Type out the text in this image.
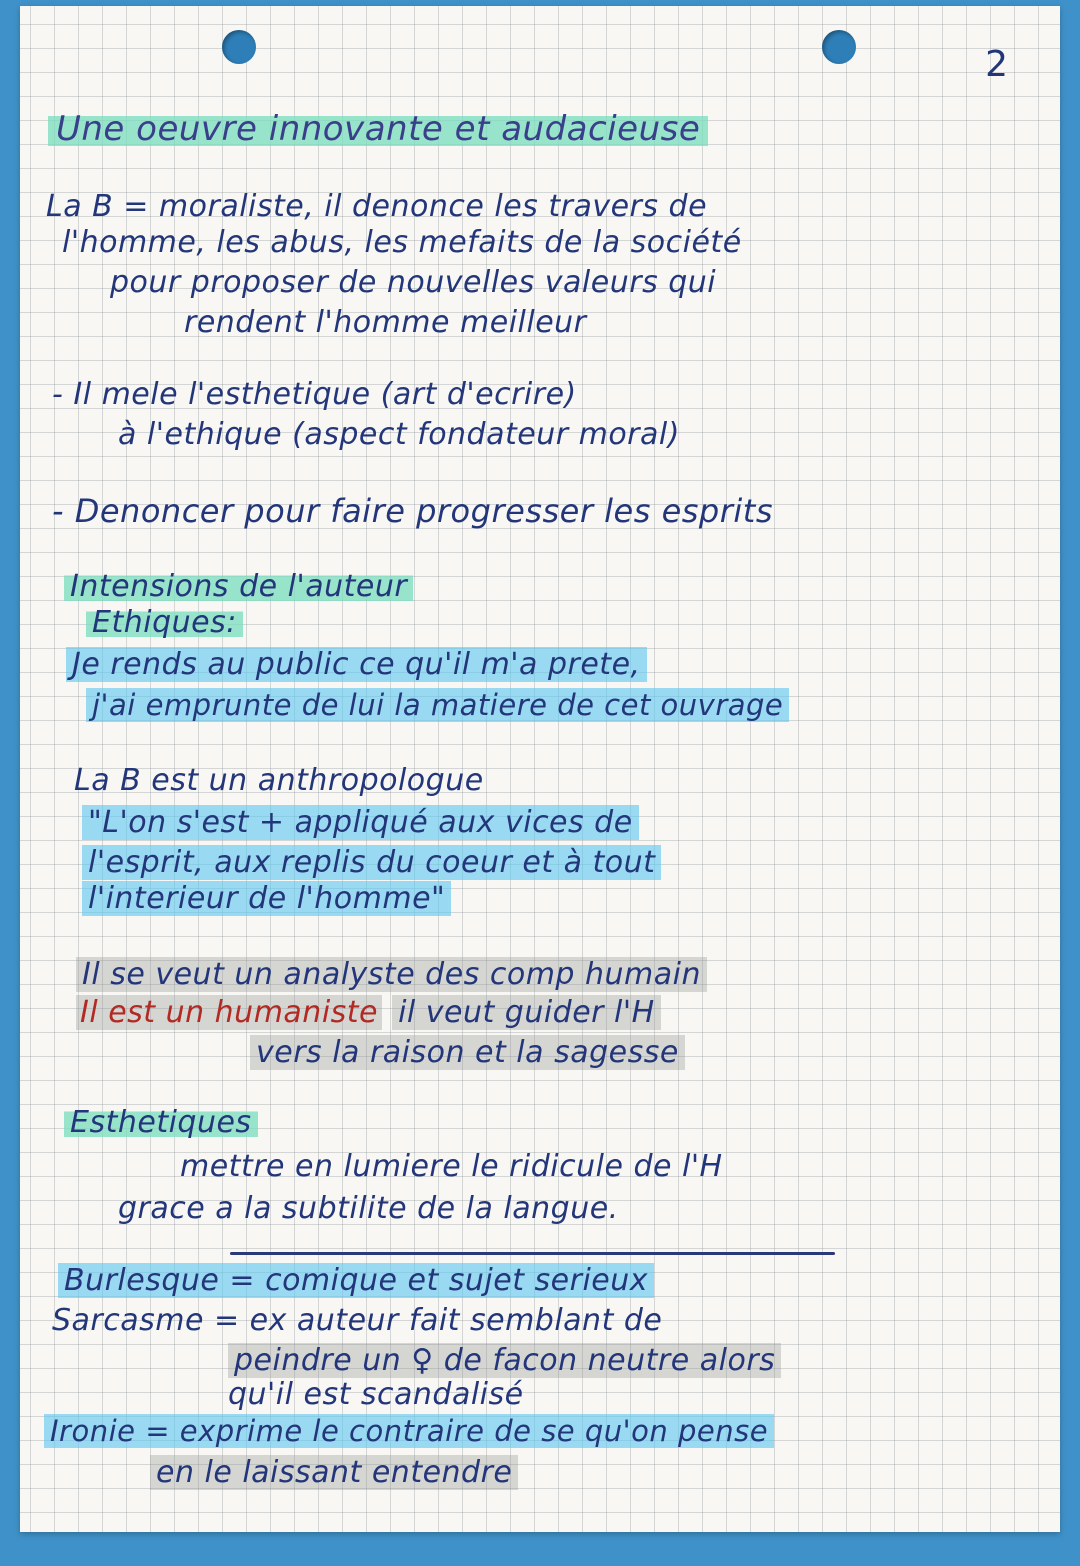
2
Une oeuvre innovante et audacieuse
La B = moraliste, il denonce les travers de
l'homme, les abus, les mefaits de la société
pour proposer de nouvelles valeurs qui
rendent l'homme meilleur
- Il mele l'esthetique (art d'ecrire)
à l'ethique (aspect fondateur moral)
- Denoncer pour faire progresser les esprits
Intensions de l'auteur
Ethiques:
Je rends au public ce qu'il m'a prete,
j'ai emprunte de lui la matiere de cet ouvrage
La B est un anthropologue
"L'on s'est + appliqué aux vices de
l'esprit, aux replis du coeur et à tout
l'interieur de l'homme"
Il se veut un analyste des comp humain
Il est un humaniste il veut guider l'H
vers la raison et la sagesse
Esthetiques
mettre en lumiere le ridicule de l'H
grace a la subtilite de la langue.
Burlesque = comique et sujet serieux
Sarcasme = ex auteur fait semblant de
peindre un ♀ de facon neutre alors
qu'il est scandalisé
Ironie = exprime le contraire de se qu'on pense
en le laissant entendre
